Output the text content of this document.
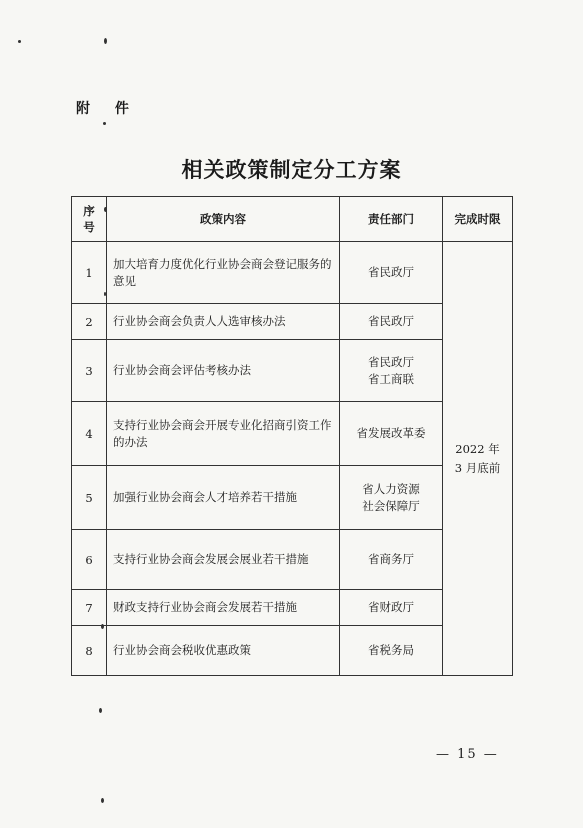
附 件
相关政策制定分工方案
序号	政策内容	责任部门	完成时限
1	加大培育力度优化行业协会商会登记服务的意见	省民政厅	2022 年
3 月底前

2	行业协会商会负责人人选审核办法	省民政厅	
3	行业协会商会评估考核办法	省民政厅
省工商联	
4	支持行业协会商会开展专业化招商引资工作的办法	省发展改革委	
5	加强行业协会商会人才培养若干措施	省人力资源
社会保障厅	
6	支持行业协会商会发展会展业若干措施	省商务厅	
7	财政支持行业协会商会发展若干措施	省财政厅	
8	行业协会商会税收优惠政策	省税务局	
— 15 —
